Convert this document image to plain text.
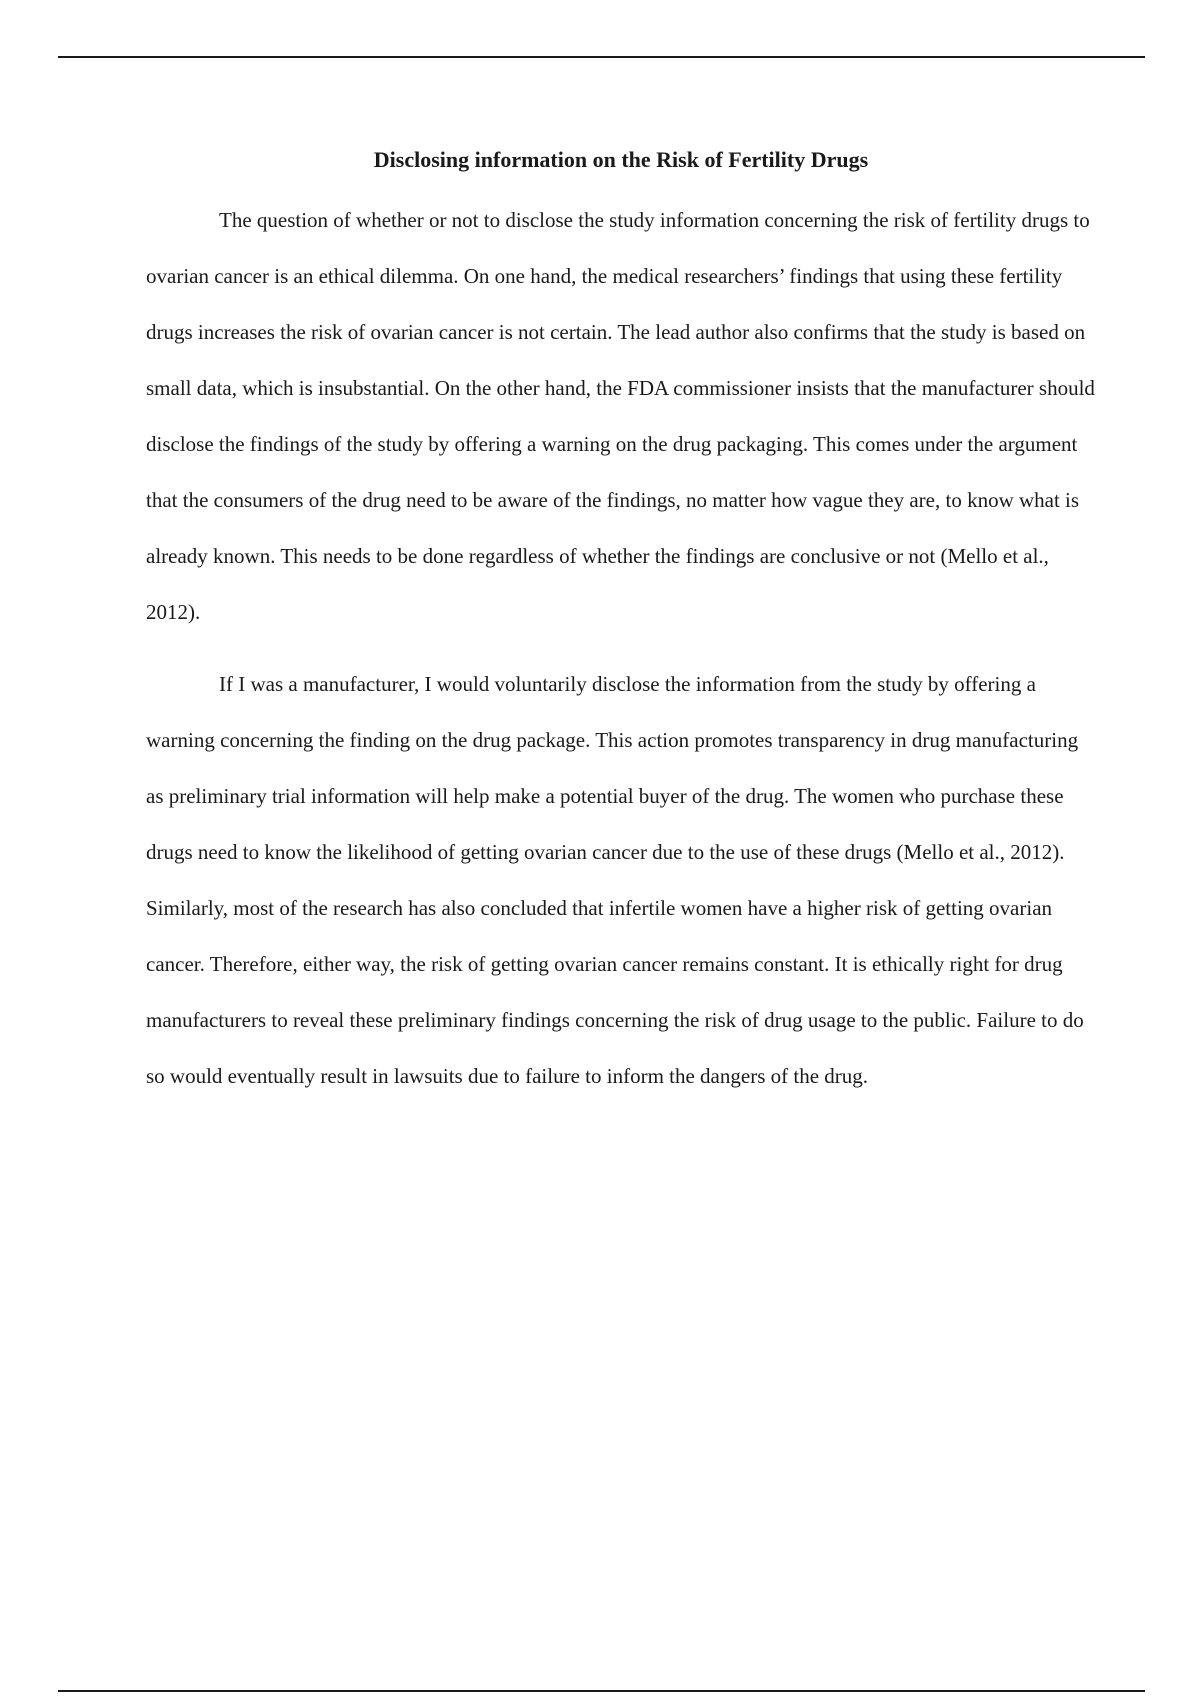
Disclosing information on the Risk of Fertility Drugs

The question of whether or not to disclose the study information concerning the risk of fertility drugs to ovarian cancer is an ethical dilemma. On one hand, the medical researchers’ findings that using these fertility drugs increases the risk of ovarian cancer is not certain. The lead author also confirms that the study is based on small data, which is insubstantial. On the other hand, the FDA commissioner insists that the manufacturer should disclose the findings of the study by offering a warning on the drug packaging. This comes under the argument that the consumers of the drug need to be aware of the findings, no matter how vague they are, to know what is already known. This needs to be done regardless of whether the findings are conclusive or not (Mello et al., 2012).

If I was a manufacturer, I would voluntarily disclose the information from the study by offering a warning concerning the finding on the drug package. This action promotes transparency in drug manufacturing as preliminary trial information will help make a potential buyer of the drug. The women who purchase these drugs need to know the likelihood of getting ovarian cancer due to the use of these drugs (Mello et al., 2012). Similarly, most of the research has also concluded that infertile women have a higher risk of getting ovarian cancer. Therefore, either way, the risk of getting ovarian cancer remains constant. It is ethically right for drug manufacturers to reveal these preliminary findings concerning the risk of drug usage to the public. Failure to do so would eventually result in lawsuits due to failure to inform the dangers of the drug.
